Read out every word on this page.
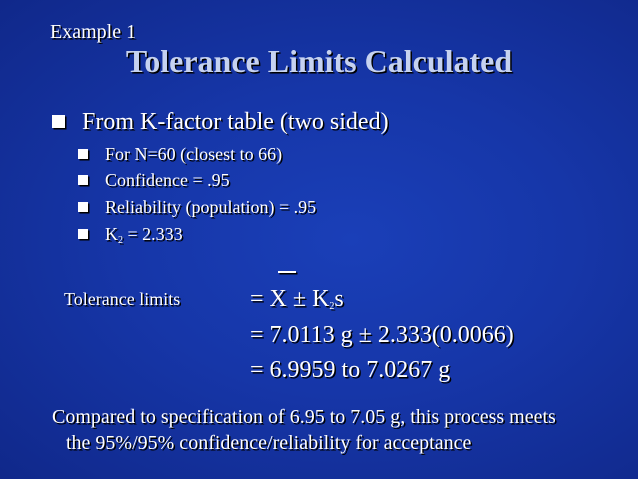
Example 1
Tolerance Limits Calculated
From K-factor table (two sided)
For N=60 (closest to 66)
Confidence = .95
Reliability (population) = .95
K2 = 2.333
Tolerance limits	= X ± K2s
= 7.0113 g ± 2.333(0.0066)
= 6.9959 to 7.0267 g
Compared to specification of 6.95 to 7.05 g, this process meets
the 95%/95% confidence/reliability for acceptance
